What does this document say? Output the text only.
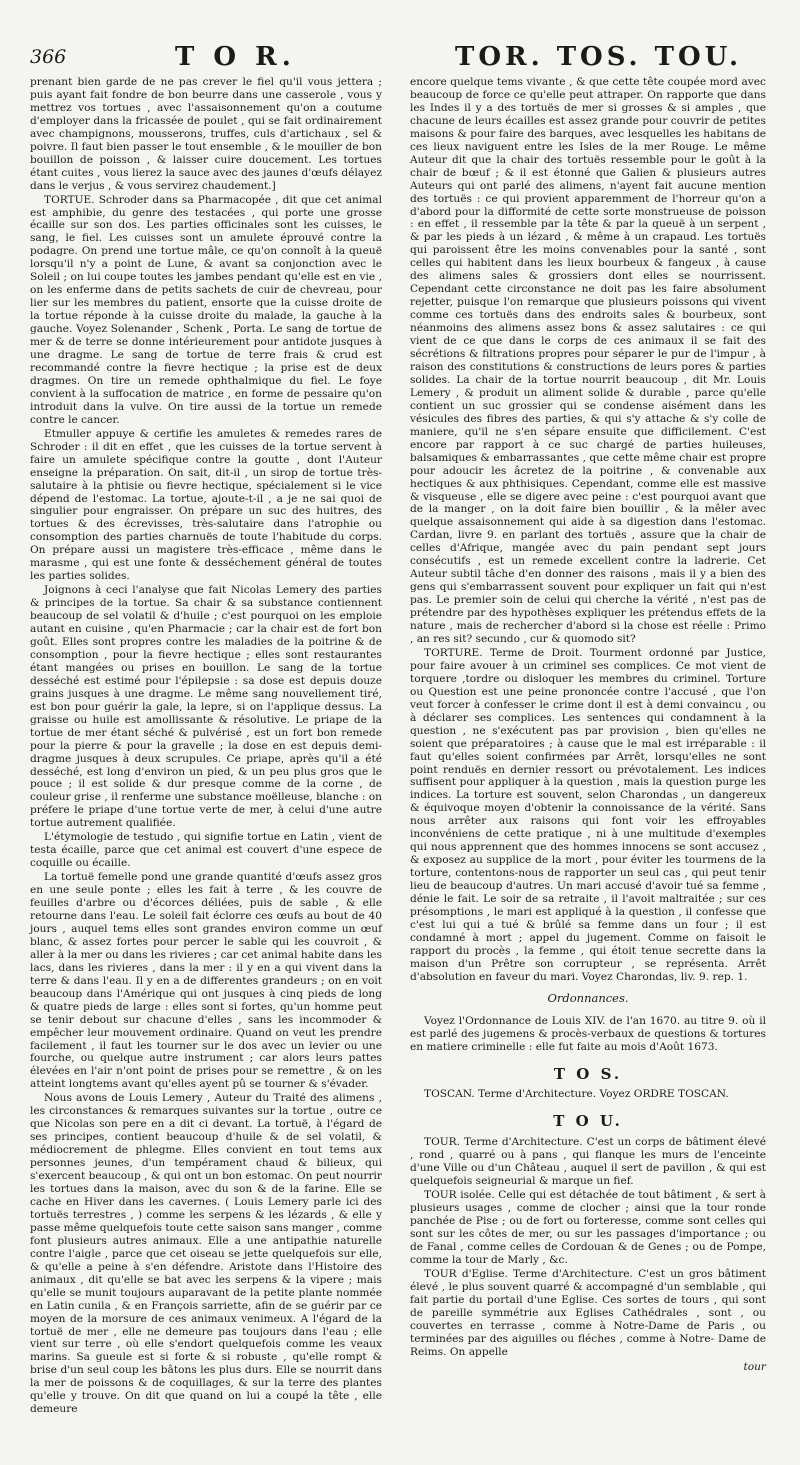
366	T O R.	TOR. TOS. TOU.

prenant bien garde de ne pas crever le fiel qu'il vous jettera ; puis ayant fait fondre de bon beurre dans une casserole , vous y mettrez vos tortues , avec l'assaisonnement qu'on a coutume d'employer dans la fricassée de poulet , qui se fait ordinairement avec champignons, mousserons, truffes, culs d'artichaux , sel & poivre. Il faut bien passer le tout ensemble , & le mouiller de bon bouillon de poisson , & laisser cuire doucement. Les tortues étant cuites , vous lierez la sauce avec des jaunes d'œufs délayez dans le verjus , & vous servirez chaudement.]

TORTUE. Schroder dans sa Pharmacopée , dit que cet animal est amphibie, du genre des testacées , qui porte une grosse écaille sur son dos. Les parties officinales sont les cuisses, le sang, le fiel. Les cuisses sont un amulete éprouvé contre la podagre. On prend une tortue mâle, ce qu'on connoît à la queuë lorsqu'il n'y a point de Lune, & avant sa conjonction avec le Soleil ; on lui coupe toutes les jambes pendant qu'elle est en vie , on les enferme dans de petits sachets de cuir de chevreau, pour lier sur les membres du patient, ensorte que la cuisse droite de la tortue réponde à la cuisse droite du malade, la gauche à la gauche. Voyez Solenander , Schenk , Porta. Le sang de tortue de mer & de terre se donne intérieurement pour antidote jusques à une dragme. Le sang de tortue de terre frais & crud est recommandé contre la fievre hectique ; la prise est de deux dragmes. On tire un remede ophthalmique du fiel. Le foye convient à la suffocation de matrice , en forme de pessaire qu'on introduit dans la vulve. On tire aussi de la tortue un remede contre le cancer.

Etmuller appuye & certifie les amuletes & remedes rares de Schroder : il dit en effet , que les cuisses de la tortue servent à faire un amulete spécifique contre la goutte , dont l'Auteur enseigne la préparation. On sait, dit-il , un sirop de tortue très-salutaire à la phtisie ou fievre hectique, spécialement si le vice dépend de l'estomac. La tortue, ajoute-t-il , a je ne sai quoi de singulier pour engraisser. On prépare un suc des huitres, des tortues & des écrevisses, très-salutaire dans l'atrophie ou consomption des parties charnuës de toute l'habitude du corps. On prépare aussi un magistere très-efficace , même dans le marasme , qui est une fonte & desséchement général de toutes les parties solides.

Joignons à ceci l'analyse que fait Nicolas Lemery des parties & principes de la tortue. Sa chair & sa substance contiennent beaucoup de sel volatil & d'huile ; c'est pourquoi on les emploie autant en cuisine , qu'en Pharmacie ; car la chair est de fort bon goût. Elles sont propres contre les maladies de la poitrine & de consomption , pour la fievre hectique ; elles sont restaurantes étant mangées ou prises en bouillon. Le sang de la tortue desséché est estimé pour l'épilepsie : sa dose est depuis douze grains jusques à une dragme. Le même sang nouvellement tiré, est bon pour guérir la gale, la lepre, si on l'applique dessus. La graisse ou huile est amollissante & résolutive. Le priape de la tortue de mer étant séché & pulvérisé , est un fort bon remede pour la pierre & pour la gravelle ; la dose en est depuis demi-dragme jusques à deux scrupules. Ce priape, après qu'il a été desséché, est long d'environ un pied, & un peu plus gros que le pouce ; il est solide & dur presque comme de la corne , de couleur grise , il renferme une substance moëlleuse, blanche : on préfere le priape d'une tortue verte de mer, à celui d'une autre tortue autrement qualifiée.

L'étymologie de testudo , qui signifie tortue en Latin , vient de testa écaille, parce que cet animal est couvert d'une espece de coquille ou écaille.

La tortuë femelle pond une grande quantité d'œufs assez gros en une seule ponte ; elles les fait à terre , & les couvre de feuilles d'arbre ou d'écorces déliées, puis de sable , & elle retourne dans l'eau. Le soleil fait éclorre ces œufs au bout de 40 jours , auquel tems elles sont grandes environ comme un œuf blanc, & assez fortes pour percer le sable qui les couvroit , & aller à la mer ou dans les rivieres ; car cet animal habite dans les lacs, dans les rivieres , dans la mer : il y en a qui vivent dans la terre & dans l'eau. Il y en a de differentes grandeurs ; on en voit beaucoup dans l'Amérique qui ont jusques à cinq pieds de long & quatre pieds de large : elles sont si fortes, qu'un homme peut se tenir debout sur chacune d'elles , sans les incommoder & empêcher leur mouvement ordinaire. Quand on veut les prendre facilement , il faut les tourner sur le dos avec un levier ou une fourche, ou quelque autre instrument ; car alors leurs pattes élevées en l'air n'ont point de prises pour se remettre , & on les atteint longtems avant qu'elles ayent pû se tourner & s'évader.

Nous avons de Louis Lemery , Auteur du Traité des alimens , les circonstances & remarques suivantes sur la tortue , outre ce que Nicolas son pere en a dit ci devant. La tortuë, à l'égard de ses principes, contient beaucoup d'huile & de sel volatil, & médiocrement de phlegme. Elles convient en tout tems aux personnes jeunes, d'un tempérament chaud & bilieux, qui s'exercent beaucoup , & qui ont un bon estomac. On peut nourrir les tortues dans la maison, avec du son & de la farine. Elle se cache en Hiver dans les cavernes. ( Louis Lemery parle ici des tortuës terrestres , ) comme les serpens & les lézards , & elle y passe même quelquefois toute cette saison sans manger , comme font plusieurs autres animaux. Elle a une antipathie naturelle contre l'aigle , parce que cet oiseau se jette quelquefois sur elle, & qu'elle a peine à s'en défendre. Aristote dans l'Histoire des animaux , dit qu'elle se bat avec les serpens & la vipere ; mais qu'elle se munit toujours auparavant de la petite plante nommée en Latin cunila , & en François sarriette, afin de se guérir par ce moyen de la morsure de ces animaux venimeux. A l'égard de la tortuë de mer , elle ne demeure pas toujours dans l'eau ; elle vient sur terre , où elle s'endort quelquefois comme les veaux marins. Sa gueule est si forte & si robuste , qu'elle rompt & brise d'un seul coup les bâtons les plus durs. Elle se nourrit dans la mer de poissons & de coquillages, & sur la terre des plantes qu'elle y trouve. On dit que quand on lui a coupé la tête , elle demeure

encore quelque tems vivante , & que cette tête coupée mord avec beaucoup de force ce qu'elle peut attraper. On rapporte que dans les Indes il y a des tortuës de mer si grosses & si amples , que chacune de leurs écailles est assez grande pour couvrir de petites maisons & pour faire des barques, avec lesquelles les habitans de ces lieux naviguent entre les Isles de la mer Rouge. Le même Auteur dit que la chair des tortuës ressemble pour le goût à la chair de bœuf ; & il est étonné que Galien & plusieurs autres Auteurs qui ont parlé des alimens, n'ayent fait aucune mention des tortuës : ce qui provient apparemment de l'horreur qu'on a d'abord pour la difformité de cette sorte monstrueuse de poisson : en effet , il ressemble par la tête & par la queuë à un serpent , & par les pieds à un lézard , & même à un crapaud. Les tortuës qui paroissent être les moins convenables pour la santé , sont celles qui habitent dans les lieux bourbeux & fangeux , à cause des alimens sales & grossiers dont elles se nourrissent. Cependant cette circonstance ne doit pas les faire absolument rejetter, puisque l'on remarque que plusieurs poissons qui vivent comme ces tortuës dans des endroits sales & bourbeux, sont néanmoins des alimens assez bons & assez salutaires : ce qui vient de ce que dans le corps de ces animaux il se fait des sécrétions & filtrations propres pour séparer le pur de l'impur , à raison des constitutions & constructions de leurs pores & parties solides. La chair de la tortue nourrit beaucoup , dit Mr. Louis Lemery , & produit un aliment solide & durable , parce qu'elle contient un suc grossier qui se condense aisément dans les vésicules des fibres des parties, & qui s'y attache & s'y colle de maniere, qu'il ne s'en sépare ensuite que difficilement. C'est encore par rapport à ce suc chargé de parties huileuses, balsamiques & embarrassantes , que cette même chair est propre pour adoucir les âcretez de la poitrine , & convenable aux hectiques & aux phthisiques. Cependant, comme elle est massive & visqueuse , elle se digere avec peine : c'est pourquoi avant que de la manger , on la doit faire bien bouillir , & la mêler avec quelque assaisonnement qui aide à sa digestion dans l'estomac. Cardan, livre 9. en parlant des tortuës , assure que la chair de celles d'Afrique, mangée avec du pain pendant sept jours consécutifs , est un remede excellent contre la ladrerie. Cet Auteur subtil tâche d'en donner des raisons , mais il y a bien des gens qui s'embarrassent souvent pour expliquer un fait qui n'est pas. Le premier soin de celui qui cherche la vérité , n'est pas de prétendre par des hypothèses expliquer les prétendus effets de la nature , mais de rechercher d'abord si la chose est réelle : Primo , an res sit? secundo , cur & quomodo sit?

TORTURE. Terme de Droit. Tourment ordonné par Justice, pour faire avouer à un criminel ses complices. Ce mot vient de torquere ,tordre ou disloquer les membres du criminel. Torture ou Question est une peine prononcée contre l'accusé , que l'on veut forcer à confesser le crime dont il est à demi convaincu , ou à déclarer ses complices. Les sentences qui condamnent à la question , ne s'exécutent pas par provision , bien qu'elles ne soient que préparatoires ; à cause que le mal est irréparable : il faut qu'elles soient confirmées par Arrêt, lorsqu'elles ne sont point renduës en dernier ressort ou prévotalement. Les indices suffisent pour appliquer à la question , mais la question purge les indices. La torture est souvent, selon Charondas , un dangereux & équivoque moyen d'obtenir la connoissance de la vérité. Sans nous arrêter aux raisons qui font voir les effroyables inconvéniens de cette pratique , ni à une multitude d'exemples qui nous apprennent que des hommes innocens se sont accusez , & exposez au supplice de la mort , pour éviter les tourmens de la torture, contentons-nous de rapporter un seul cas , qui peut tenir lieu de beaucoup d'autres. Un mari accusé d'avoir tué sa femme , dénie le fait. Le soir de sa retraite , il l'avoit maltraitée ; sur ces présomptions , le mari est appliqué à la question , il confesse que c'est lui qui a tué & brûlé sa femme dans un four ; il est condamné à mort ; appel du jugement. Comme on faisoit le rapport du procès , la femme , qui étoit tenue secrette dans la maison d'un Prêtre son corrupteur , se représenta. Arrêt d'absolution en faveur du mari. Voyez Charondas, liv. 9. rep. 1.

Ordonnances.

Voyez l'Ordonnance de Louis XIV. de l'an 1670. au titre 9. où il est parlé des jugemens & procès-verbaux de questions & tortures en matiere criminelle : elle fut faite au mois d'Août 1673.

T O S.

TOSCAN. Terme d'Architecture. Voyez ORDRE TOSCAN.

T O U.

TOUR. Terme d'Architecture. C'est un corps de bâtiment élevé , rond , quarré ou à pans , qui flanque les murs de l'enceinte d'une Ville ou d'un Château , auquel il sert de pavillon , & qui est quelquefois seigneurial & marque un fief.

TOUR isolée. Celle qui est détachée de tout bâtiment , & sert à plusieurs usages , comme de clocher ; ainsi que la tour ronde panchée de Pise ; ou de fort ou forteresse, comme sont celles qui sont sur les côtes de mer, ou sur les passages d'importance ; ou de Fanal , comme celles de Cordouan & de Genes ; ou de Pompe, comme la tour de Marly , &c.

TOUR d'Eglise. Terme d'Architecture. C'est un gros bâtiment élevé , le plus souvent quarré & accompagné d'un semblable , qui fait partie du portail d'une Eglise. Ces sortes de tours , qui sont de pareille symmétrie aux Eglises Cathédrales , sont , ou couvertes en terrasse , comme à Notre-Dame de Paris , ou terminées par des aiguilles ou fléches , comme à Notre- Dame de Reims. On appelle

tour
